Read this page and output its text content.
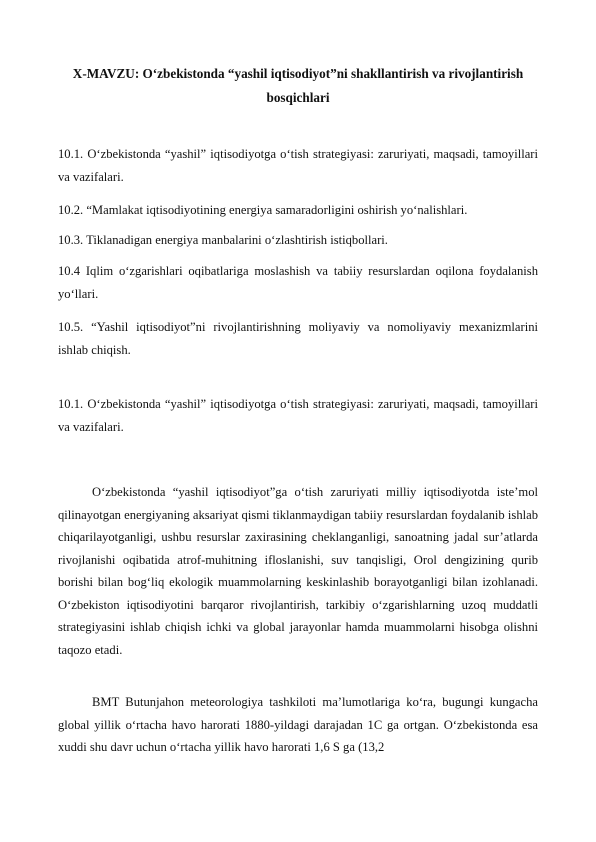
X-MAVZU: O‘zbekistonda “yashil iqtisodiyot”ni shakllantirish va rivojlantirish bosqichlari

10.1. O‘zbekistonda “yashil” iqtisodiyotga o‘tish strategiyasi: zaruriyati, maqsadi, tamoyillari va vazifalari.

10.2. “Mamlakat iqtisodiyotining energiya samaradorligini oshirish yo‘nalishlari.

10.3. Tiklanadigan energiya manbalarini o‘zlashtirish istiqbollari.

10.4 Iqlim o‘zgarishlari oqibatlariga moslashish va tabiiy resurslardan oqilona foydalanish yo‘llari.

10.5. “Yashil iqtisodiyot”ni rivojlantirishning moliyaviy va nomoliyaviy mexanizmlarini ishlab chiqish.

10.1. O‘zbekistonda “yashil” iqtisodiyotga o‘tish strategiyasi: zaruriyati, maqsadi, tamoyillari va vazifalari.

O‘zbekistonda “yashil iqtisodiyot”ga o‘tish zaruriyati milliy iqtisodiyotda iste’mol qilinayotgan energiyaning aksariyat qismi tiklanmaydigan tabiiy resurslardan foydalanib ishlab chiqarilayotganligi, ushbu resurslar zaxirasining cheklanganligi, sanoatning jadal sur’atlarda rivojlanishi oqibatida atrof-muhitning ifloslanishi, suv tanqisligi, Orol dengizining qurib borishi bilan bog‘liq ekologik muammolarning keskinlashib borayotganligi bilan izohlanadi. O‘zbekiston iqtisodiyotini barqaror rivojlantirish, tarkibiy o‘zgarishlarning uzoq muddatli strategiyasini ishlab chiqish ichki va global jarayonlar hamda muammolarni hisobga olishni taqozo etadi.

BMT Butunjahon meteorologiya tashkiloti ma’lumotlariga ko‘ra, bugungi kungacha global yillik o‘rtacha havo harorati 1880-yildagi darajadan 1C ga ortgan. O‘zbekistonda esa xuddi shu davr uchun o‘rtacha yillik havo harorati 1,6 S ga (13,2
